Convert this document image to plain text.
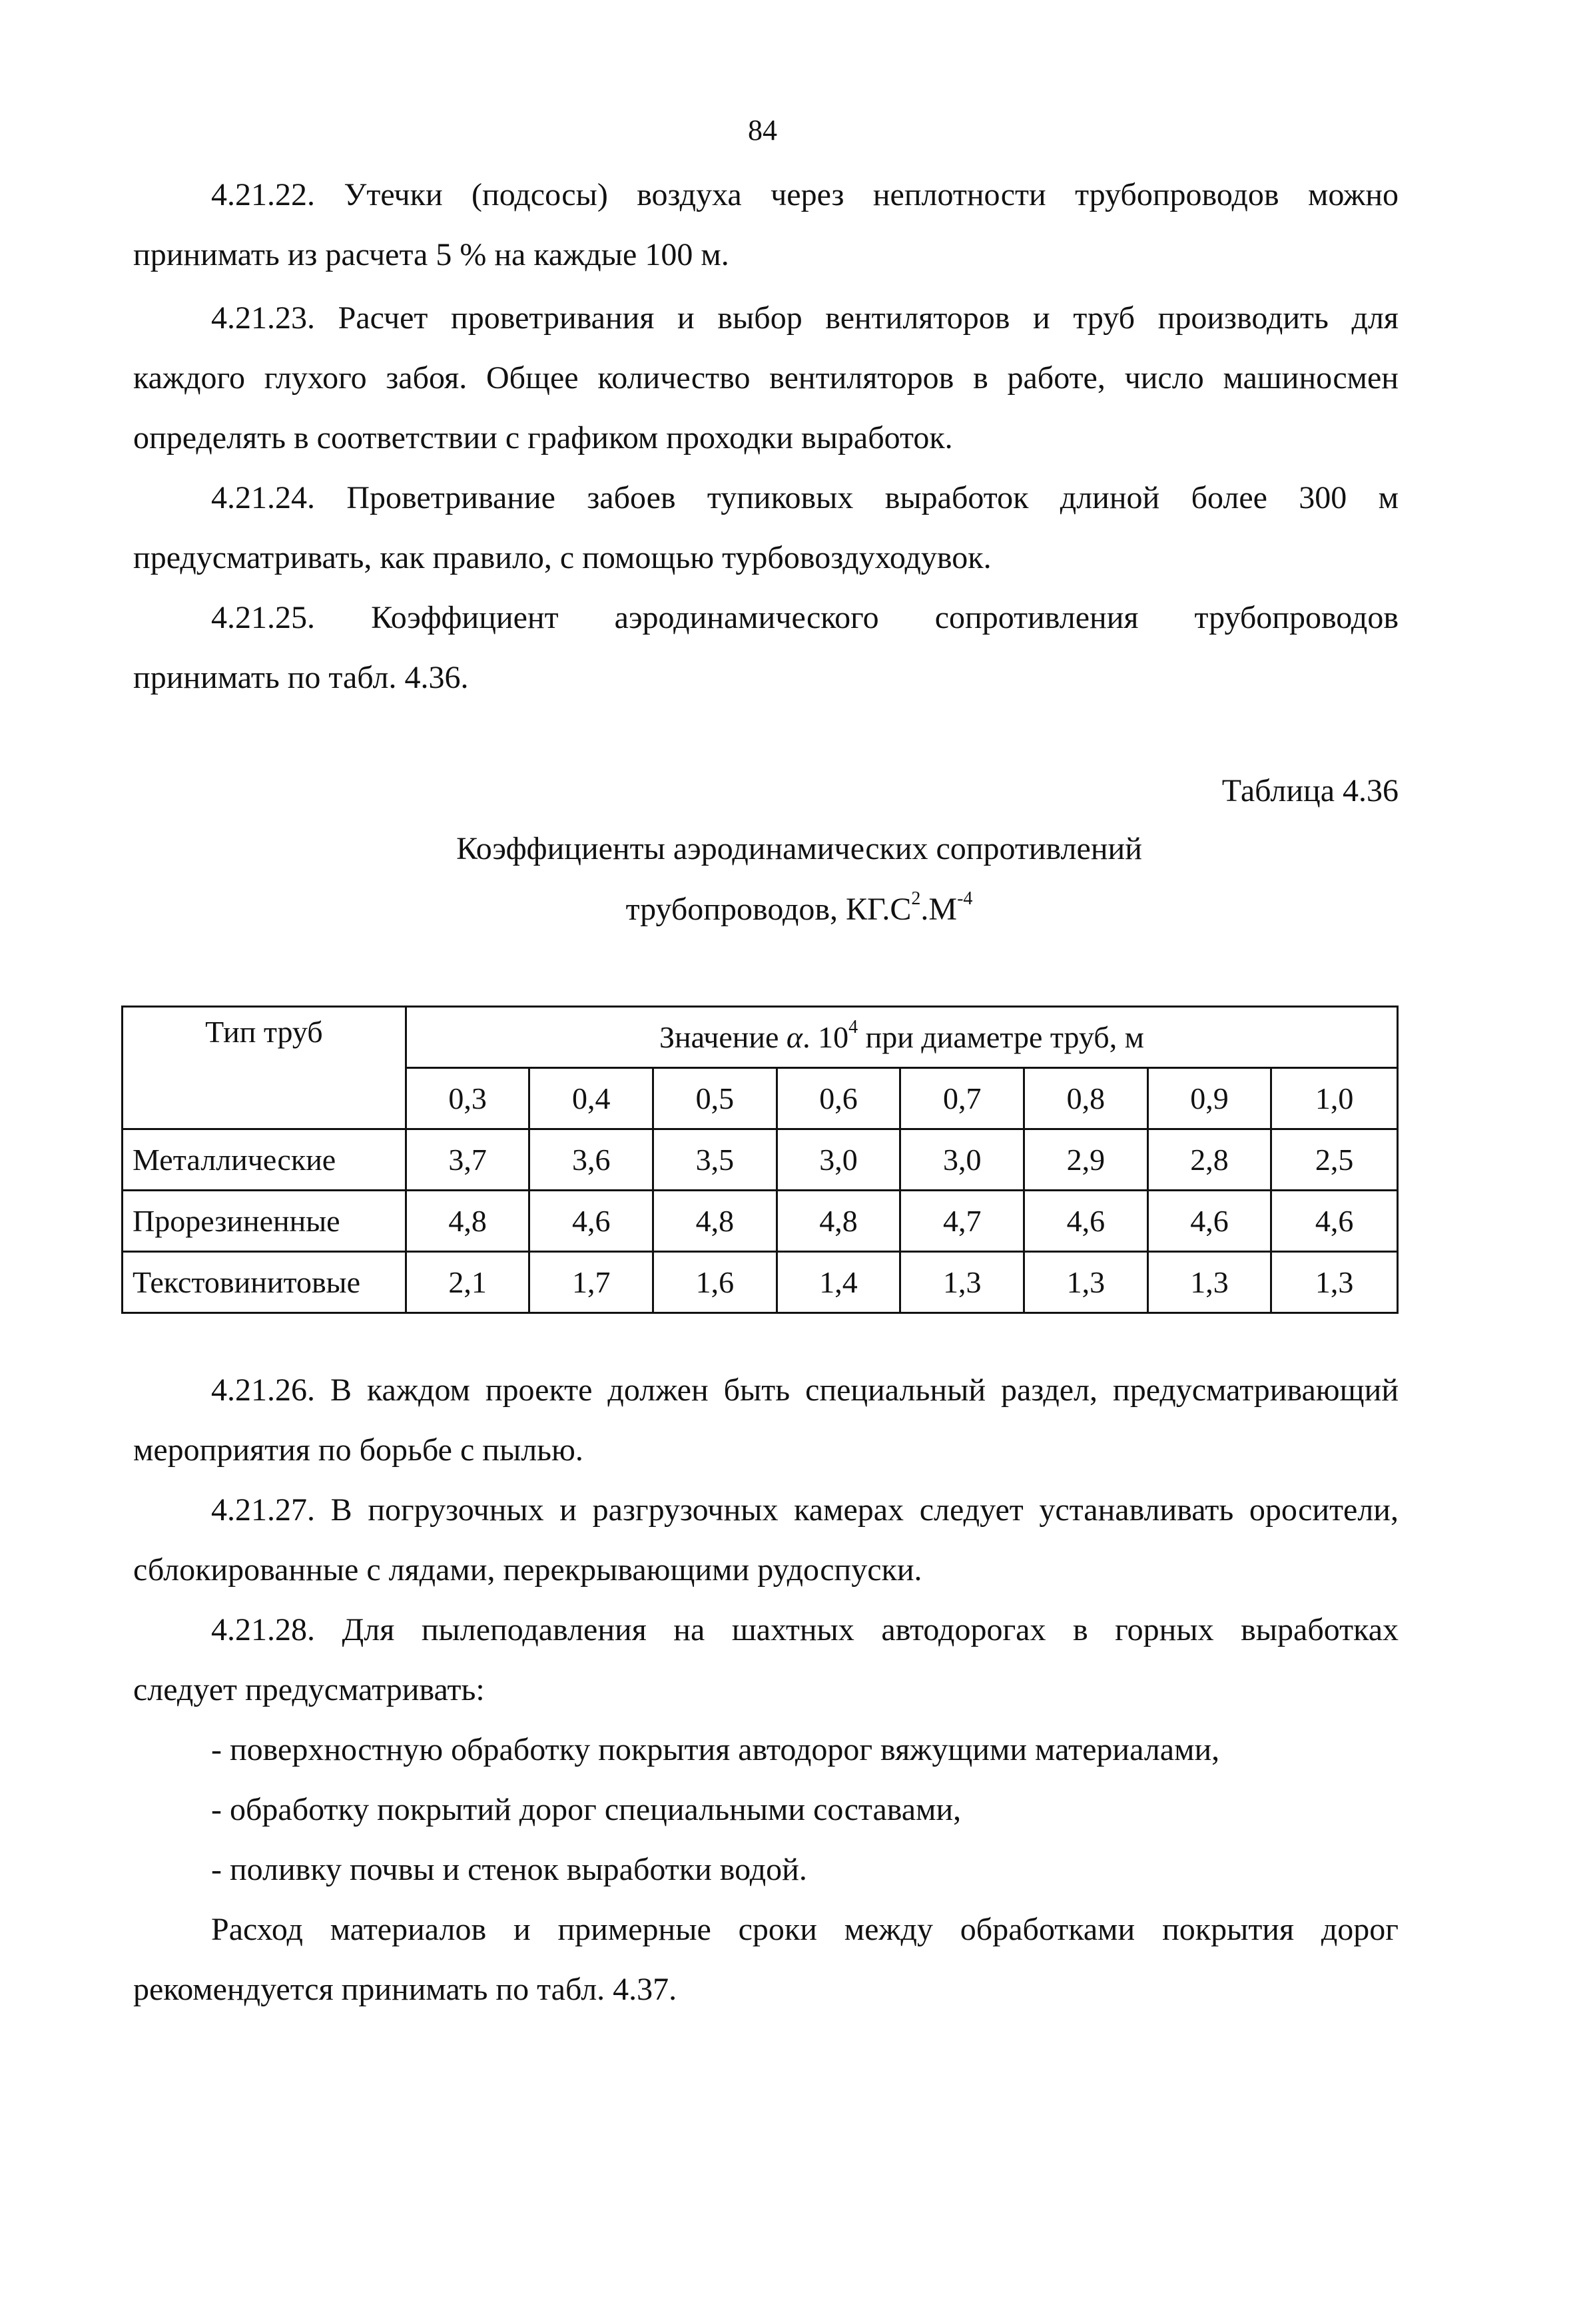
84
4.21.22. Утечки (подсосы) воздуха через неплотности трубопроводов можно
принимать из расчета 5 % на каждые 100 м.
4.21.23. Расчет проветривания и выбор вентиляторов и труб производить для
каждого глухого забоя. Общее количество вентиляторов в работе, число машиносмен
определять в соответствии с графиком проходки выработок.
4.21.24. Проветривание забоев тупиковых выработок длиной более 300 м
предусматривать, как правило, с помощью турбовоздуходувок.
4.21.25. Коэффициент аэродинамического сопротивления трубопроводов
принимать по табл. 4.36.
Таблица 4.36
Коэффициенты аэродинамических сопротивлений
трубопроводов, $КГ.С^2.М^{-4}$
Тип труб	Значение α. $10^4$ при диаметре труб, м							
	0,3	0,4	0,5	0,6	0,7	0,8	0,9	1,0
Металлические	3,7	3,6	3,5	3,0	3,0	2,9	2,8	2,5
Прорезиненные	4,8	4,6	4,8	4,8	4,7	4,6	4,6	4,6
Текстовинитовые	2,1	1,7	1,6	1,4	1,3	1,3	1,3	1,3
4.21.26. В каждом проекте должен быть специальный раздел, предусматривающий
мероприятия по борьбе с пылью.
4.21.27. В погрузочных и разгрузочных камерах следует устанавливать оросители,
сблокированные с лядами, перекрывающими рудоспуски.
4.21.28. Для пылеподавления на шахтных автодорогах в горных выработках
следует предусматривать:
- поверхностную обработку покрытия автодорог вяжущими материалами,
- обработку покрытий дорог специальными составами,
- поливку почвы и стенок выработки водой.
Расход материалов и примерные сроки между обработками покрытия дорог
рекомендуется принимать по табл. 4.37.
